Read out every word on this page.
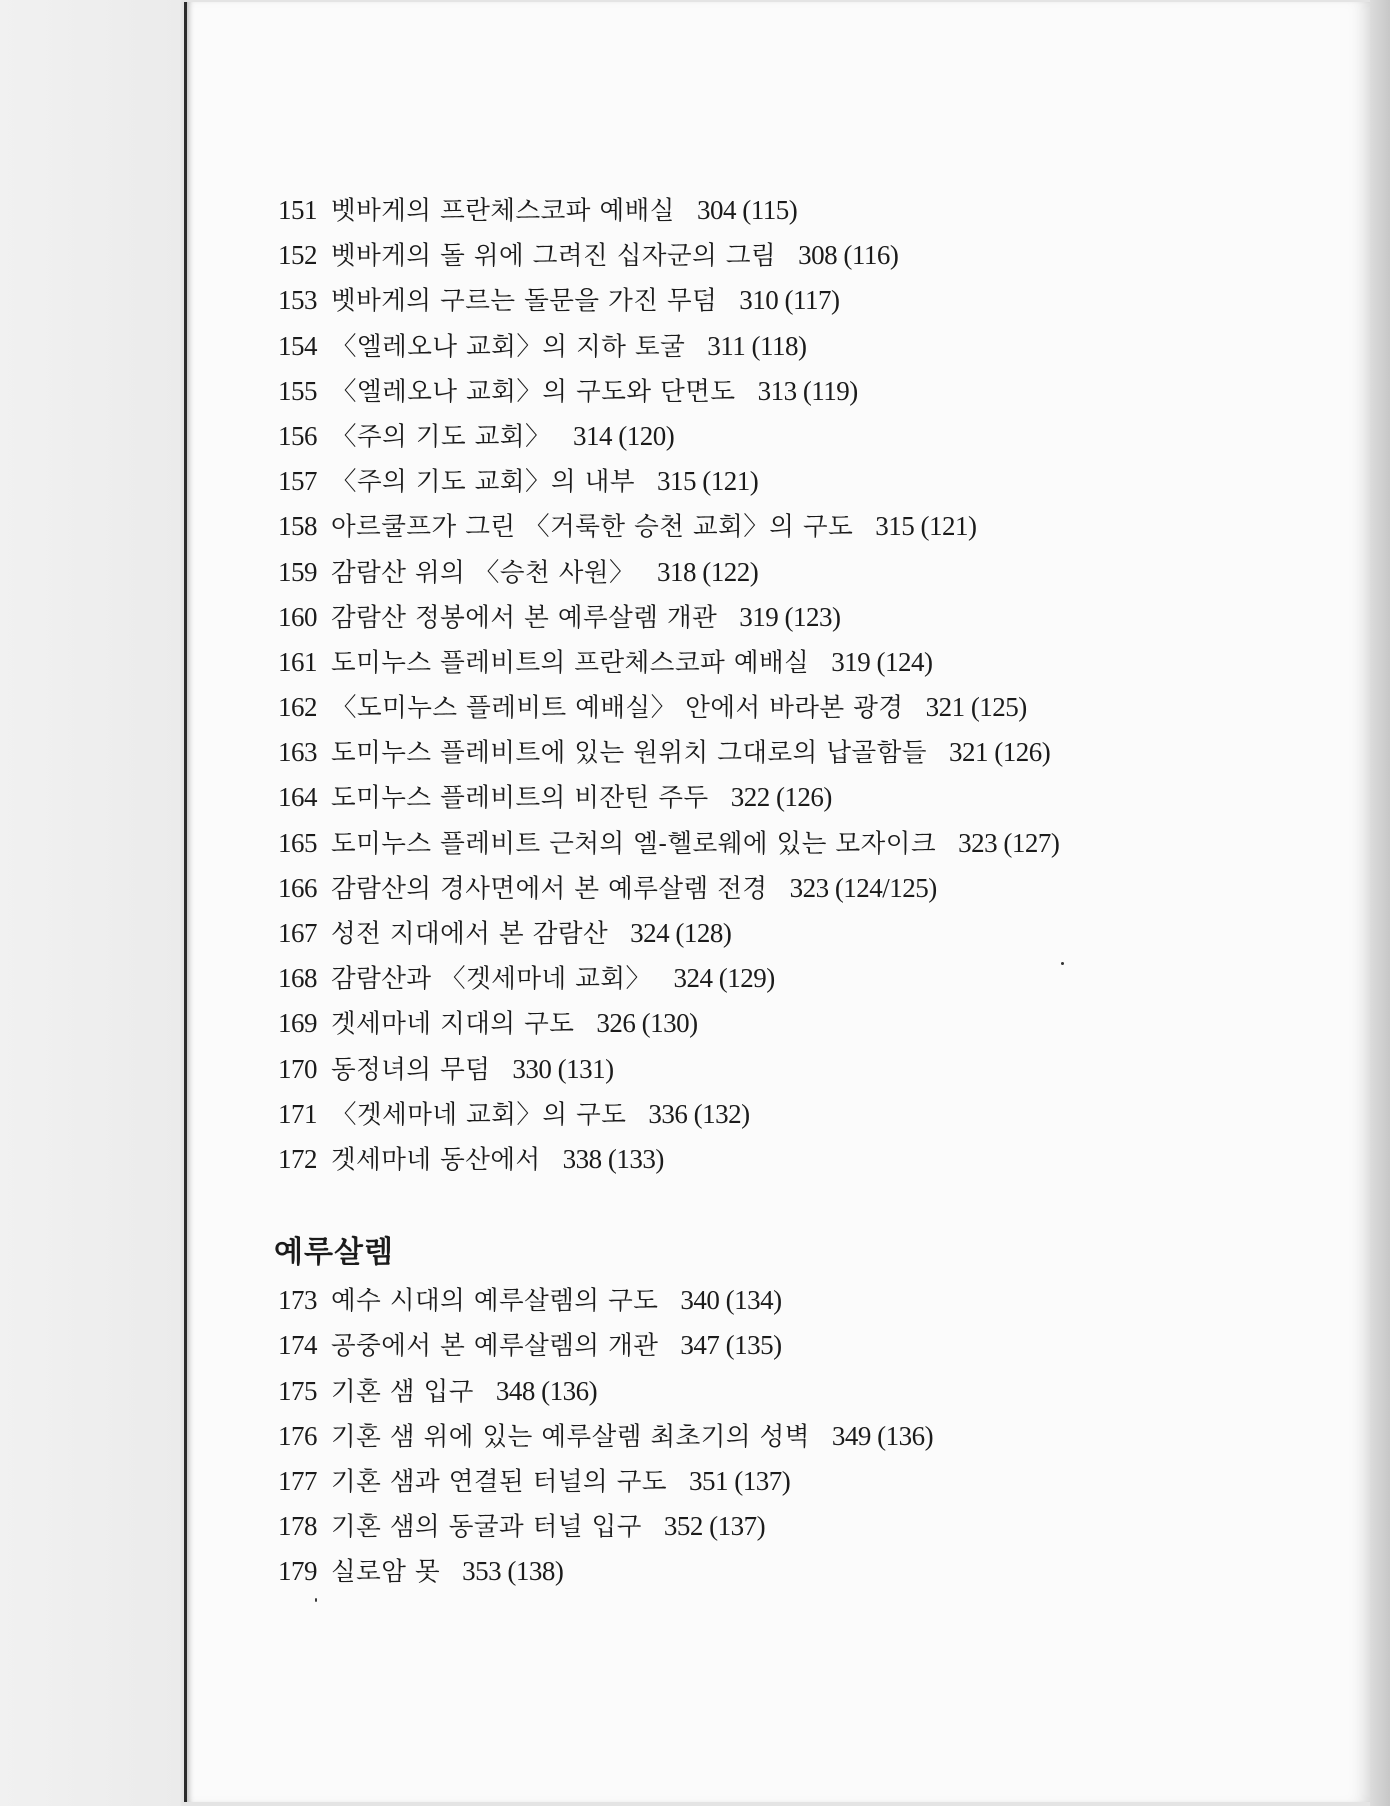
151 벳바게의 프란체스코파 예배실 304 (115)
152 벳바게의 돌 위에 그려진 십자군의 그림 308 (116)
153 벳바게의 구르는 돌문을 가진 무덤 310 (117)
154 〈엘레오나 교회〉의 지하 토굴 311 (118)
155 〈엘레오나 교회〉의 구도와 단면도 313 (119)
156 〈주의 기도 교회〉 314 (120)
157 〈주의 기도 교회〉의 내부 315 (121)
158 아르쿨프가 그린 〈거룩한 승천 교회〉의 구도 315 (121)
159 감람산 위의 〈승천 사원〉 318 (122)
160 감람산 정봉에서 본 예루살렘 개관 319 (123)
161 도미누스 플레비트의 프란체스코파 예배실 319 (124)
162 〈도미누스 플레비트 예배실〉 안에서 바라본 광경 321 (125)
163 도미누스 플레비트에 있는 원위치 그대로의 납골함들 321 (126)
164 도미누스 플레비트의 비잔틴 주두 322 (126)
165 도미누스 플레비트 근처의 엘-헬로웨에 있는 모자이크 323 (127)
166 감람산의 경사면에서 본 예루살렘 전경 323 (124/125)
167 성전 지대에서 본 감람산 324 (128)
168 감람산과 〈겟세마네 교회〉 324 (129)
169 겟세마네 지대의 구도 326 (130)
170 동정녀의 무덤 330 (131)
171 〈겟세마네 교회〉의 구도 336 (132)
172 겟세마네 동산에서 338 (133)
예루살렘
173 예수 시대의 예루살렘의 구도 340 (134)
174 공중에서 본 예루살렘의 개관 347 (135)
175 기혼 샘 입구 348 (136)
176 기혼 샘 위에 있는 예루살렘 최초기의 성벽 349 (136)
177 기혼 샘과 연결된 터널의 구도 351 (137)
178 기혼 샘의 동굴과 터널 입구 352 (137)
179 실로암 못 353 (138)
